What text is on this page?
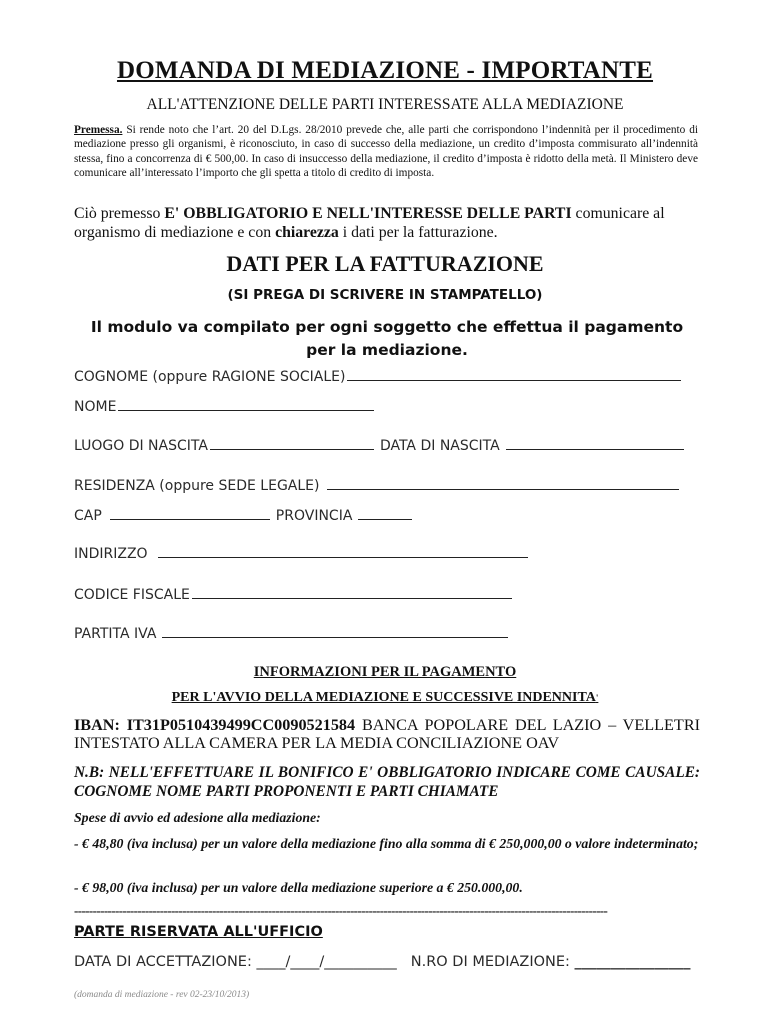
DOMANDA DI MEDIAZIONE - IMPORTANTE
ALL'ATTENZIONE DELLE PARTI INTERESSATE ALLA MEDIAZIONE
Premessa. Si rende noto che l’art. 20 del D.Lgs. 28/2010 prevede che, alle parti che corrispondono l’indennità per il procedimento di mediazione presso gli organismi, è riconosciuto, in caso di successo della mediazione, un credito d’imposta commisurato all’indennità stessa, fino a concorrenza di € 500,00. In caso di insuccesso della mediazione, il credito d’imposta è ridotto della metà. Il Ministero deve comunicare all’interessato l’importo che gli spetta a titolo di credito di imposta.
Ciò premesso E' OBBLIGATORIO E NELL'INTERESSE DELLE PARTI comunicare al organismo di mediazione e con chiarezza i dati per la fatturazione.
DATI PER LA FATTURAZIONE
(SI PREGA DI SCRIVERE IN STAMPATELLO)
Il modulo va compilato per ogni soggetto che effettua il pagamento per la mediazione.
COGNOME (oppure RAGIONE SOCIALE)
NOME
LUOGO DI NASCITA	DATA DI NASCITA
RESIDENZA (oppure SEDE LEGALE)
CAP	PROVINCIA
INDIRIZZO
CODICE FISCALE
PARTITA IVA
INFORMAZIONI PER IL PAGAMENTO
PER L'AVVIO DELLA MEDIAZIONE E SUCCESSIVE INDENNITA'
IBAN: IT31P0510439499CC0090521584 BANCA POPOLARE DEL LAZIO – VELLETRI INTESTATO ALLA CAMERA PER LA MEDIA CONCILIAZIONE OAV
N.B: NELL'EFFETTUARE IL BONIFICO E' OBBLIGATORIO INDICARE COME CAUSALE: COGNOME NOME PARTI PROPONENTI E PARTI CHIAMATE
Spese di avvio ed adesione alla mediazione:
- € 48,80 (iva inclusa) per un valore della mediazione fino alla somma di € 250,000,00 o valore indeterminato;
- € 98,00 (iva inclusa) per un valore della mediazione superiore a € 250.000,00.
-----------------------------------------------------------------------------------------------------------------------------------------------
PARTE RISERVATA ALL'UFFICIO
DATA DI ACCETTAZIONE: ____/____/__________ N.RO DI MEDIAZIONE: ________________
(domanda di mediazione - rev 02-23/10/2013)
